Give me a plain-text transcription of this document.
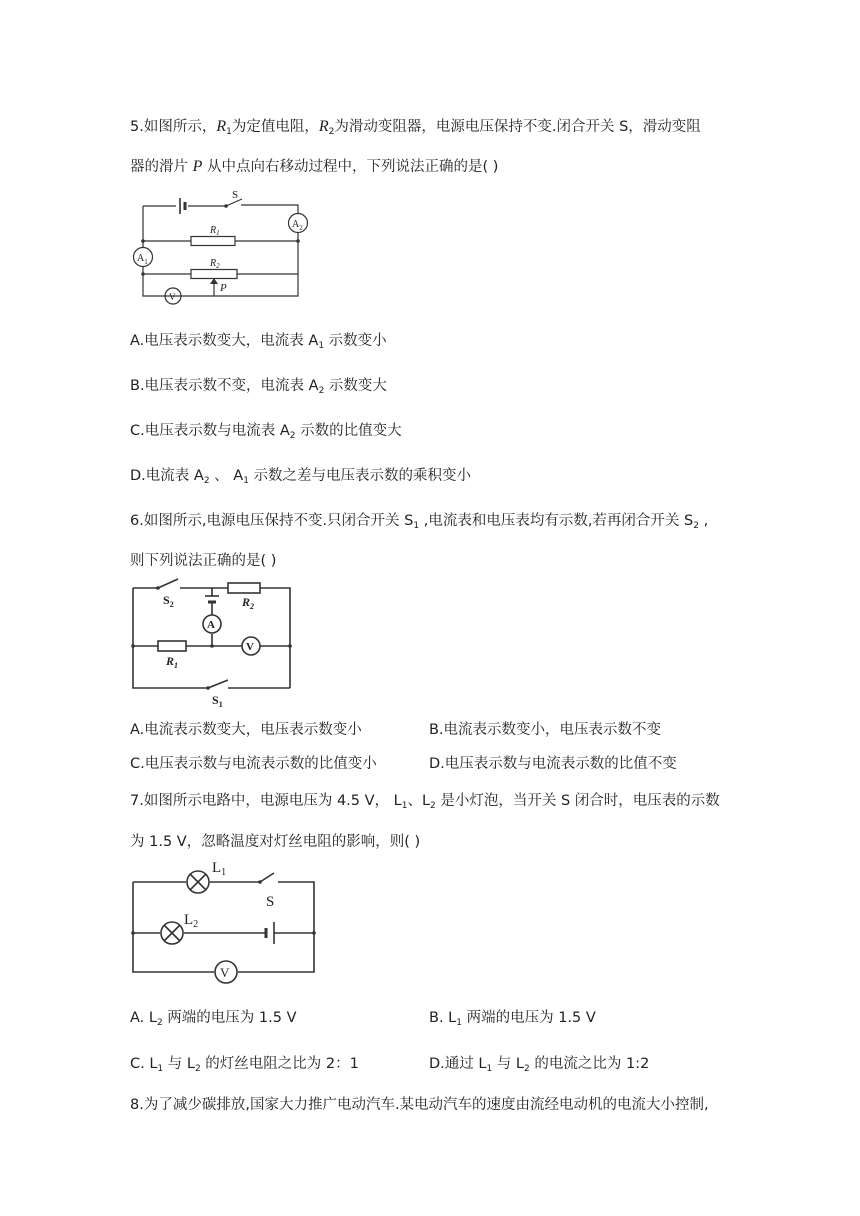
5.如图所示，$R_1$为定值电阻，$R_2$为滑动变阻器，电源电压保持不变.闭合开关 S，滑动变阻
器的滑片 P 从中点向右移动过程中，下列说法正确的是( )
S
$A_2$
$R_1$
$A_1$	$R_2$
P
V
A.电压表示数变大，电流表 $A_1$ 示数变小
B.电压表示数不变，电流表 $A_2$ 示数变大
C.电压表示数与电流表 $A_2$ 示数的比值变大
D.电流表 $A_2$ 、 $A_1$ 示数之差与电压表示数的乘积变小
6.如图所示,电源电压保持不变.只闭合开关 $S_1$ ,电流表和电压表均有示数,若再闭合开关 $S_2$ ,
则下列说法正确的是( )
$S_2$	$R_2$
A
$R_1$
V
$S_1$
A.电流表示数变大，电压表示数变小	B.电流表示数变小，电压表示数不变
C.电压表示数与电流表示数的比值变小	D.电压表示数与电流表示数的比值不变
7.如图所示电路中，电源电压为 4.5 V， $L_1$、$L_2$ 是小灯泡，当开关 S 闭合时，电压表的示数
为 1.5 V，忽略温度对灯丝电阻的影响，则( )
$L_1$
S
$L_2$
V
A. $L_2$ 两端的电压为 1.5 V	B. $L_1$ 两端的电压为 1.5 V
C. $L_1$ 与 $L_2$ 的灯丝电阻之比为 2：1	D.通过 $L_1$ 与 $L_2$ 的电流之比为 1:2
8.为了减少碳排放,国家大力推广电动汽车.某电动汽车的速度由流经电动机的电流大小控制,
